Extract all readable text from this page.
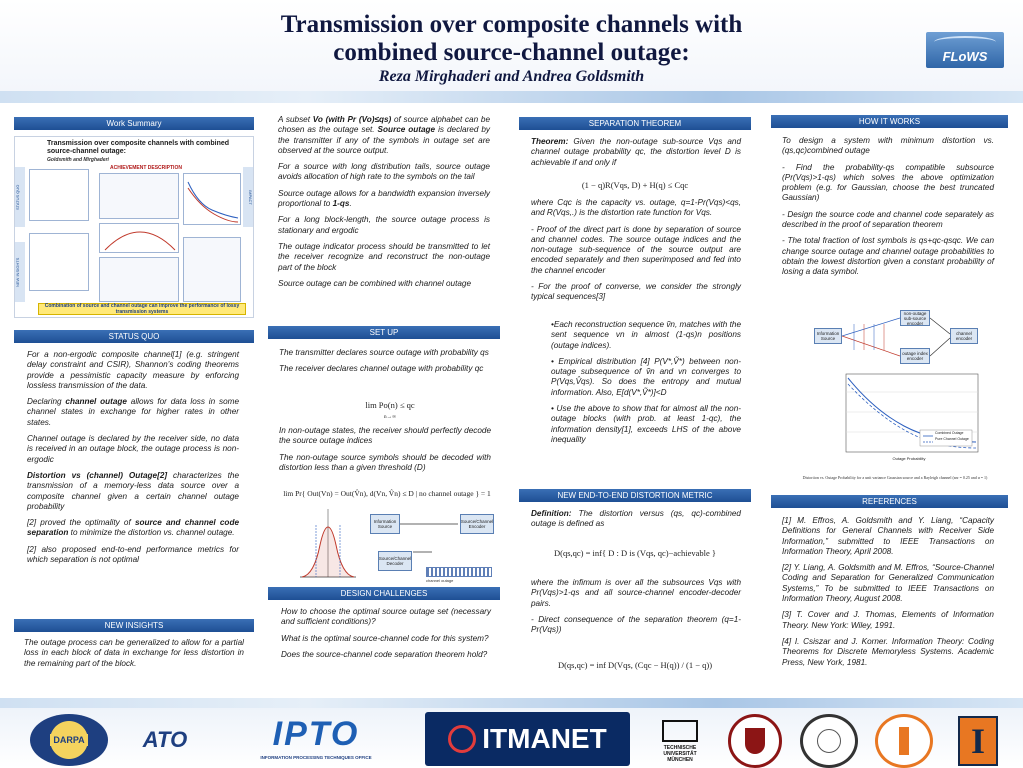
Transmission over composite channels with
combined source-channel outage:
Reza Mirghaderi and Andrea Goldsmith
FLoWS
Work Summary
STATUS QUO
NEW INSIGHTS
IMPACT
Transmission over composite channels with combined source-channel outage:
Goldsmith and Mirghaderi
ACHIEVEMENT DESCRIPTION
Combination of source and channel outage can improve the performance of lossy transmission systems
STATUS QUO

For a non-ergodic composite channel[1] (e.g. stringent delay constraint and CSIR), Shannon’s coding theorems provide a pessimistic capacity measure by enforcing lossless transmission of the data.

Declaring channel outage allows for data loss in some channel states in exchange for higher rates in other states.

Channel outage is declared by the receiver side, no data is received in an outage block, the outage process is non-ergodic

Distortion vs (channel) Outage[2] characterizes the transmission of a memory-less data source over a composite channel given a certain channel outage probability

[2] proved the optimality of source and channel code separation to minimize the distortion vs. channel outage.

[2] also proposed end-to-end performance metrics for which separation is not optimal

NEW INSIGHTS

The outage process can be generalized to allow for a partial loss in each block of data in exchange for less distortion in the remaining part of the block.

A subset Vo (with Pr (Vo)≤qs) of source alphabet can be chosen as the outage set. Source outage is declared by the transmitter if any of the symbols in outage set are observed at the source output.

For a source with long distribution tails, source outage avoids allocation of high rate to the symbols on the tail

Source outage allows for a bandwidth expansion inversely proportional to 1-qs.

For a long block-length, the source outage process is stationary and ergodic

The outage indicator process should be transmitted to let the receiver recognize and reconstruct the non-outage part of the block

Source outage can be combined with channel outage

SET UP

The transmitter declares source outage with probability qs

The receiver declares channel outage with probability qc

lim Po(n) ≤ qc
n→∞

In non-outage states, the receiver should perfectly decode the source outage indices

The non-outage source symbols should be decoded with distortion less than a given threshold (D)

lim Pr{ Out(Vn) = Out(V̂n), d(Vn, V̂n) ≤ D | no channel outage } = 1
Information Source
Source/Channel Encoder
Source/Channel Decoder
channel outage
DESIGN CHALLENGES

How to choose the optimal source outage set (necessary and sufficient conditions)?

What is the optimal source-channel code for this system?

Does the source-channel code separation theorem hold?

SEPARATION THEOREM

Theorem: Given the non-outage sub-source Vqs and channel outage probability qc, the distortion level D is achievable if and only if

(1 − q)R(Vqs, D) + H(q) ≤ Cqc

where Cqc is the capacity vs. outage, q=1-Pr(Vqs)<qs, and R(Vqs,.) is the distortion rate function for Vqs.

- Proof of the direct part is done by separation of source and channel codes. The source outage indices and the non-outage sub-sequence of the source output are encoded separately and then superimposed and fed into the channel encoder

- For the proof of converse, we consider the strongly typical sequences[3]

•Each reconstruction sequence ṽn, matches with the sent sequence vn in almost (1-qs)n positions (outage indices).

• Empirical distribution [4] P(V*,Ṽ*) between non-outage subsequence of ṽn and vn converges to P(Vqs,V̂qs). So does the entropy and mutual information. Also, E[d(V*,Ṽ*)]<D

• Use the above to show that for almost all the non-outage blocks (with prob. at least 1-qc), the information density[1], exceeds LHS of the above inequality

NEW END-TO-END DISTORTION METRIC

Definition: The distortion versus (qs, qc)-combined outage is defined as

D(qs,qc) = inf{ D : D is (Vqs, qc)−achievable }

where the infimum is over all the subsources Vqs with Pr(Vqs)>1-qs and all source-channel encoder-decoder pairs.

- Direct consequence of the separation theorem (q=1-Pr(Vqs))

D(qs,qc) = inf D(Vqs, (Cqc − H(q)) / (1 − q))
HOW IT WORKS

To design a system with minimum distortion vs. (qs,qc)combined outage

- Find the probability-qs compatible subsource (Pr(Vqs)>1-qs) which solves the above optimization problem (e.g. for Gaussian, choose the best truncated Gaussian)

- Design the source code and channel code separately as described in the proof of separation theorem

- The total fraction of lost symbols is qs+qc-qsqc. We can change source outage and channel outage probabilities to obtain the lowest distortion given a constant probability of losing a data symbol.

Information Source
non-outage sub-source encoder
outage index encoder
channel encoder
Combined Outage
Pure Channel Outage
Outage Probability
Distortion vs. Outage Probability for a unit variance Gaussian source and a Rayleigh channel (snr = 0.25 and α = 1)
REFERENCES

[1] M. Effros, A. Goldsmith and Y. Liang, “Capacity Definitions for General Channels with Receiver Side Information,” submitted to IEEE Transactions on Information Theory, April 2008.

[2] Y. Liang, A. Goldsmith and M. Effros, “Source-Channel Coding and Separation for Generalized Communication Systems,” To be submitted to IEEE Transactions on Information Theory, August 2008.

[3] T. Cover and J. Thomas, Elements of Information Theory. New York: Wiley, 1991.

[4] I. Csiszar and J. Korner. Information Theory: Coding Theorems for Discrete Memoryless Systems. Academic Press, New York, 1981.

DARPA	ATO	IPTO
INFORMATION PROCESSING TECHNIQUES OFFICE
ITMANET	TECHNISCHE UNIVERSITÄT MÜNCHEN	I
